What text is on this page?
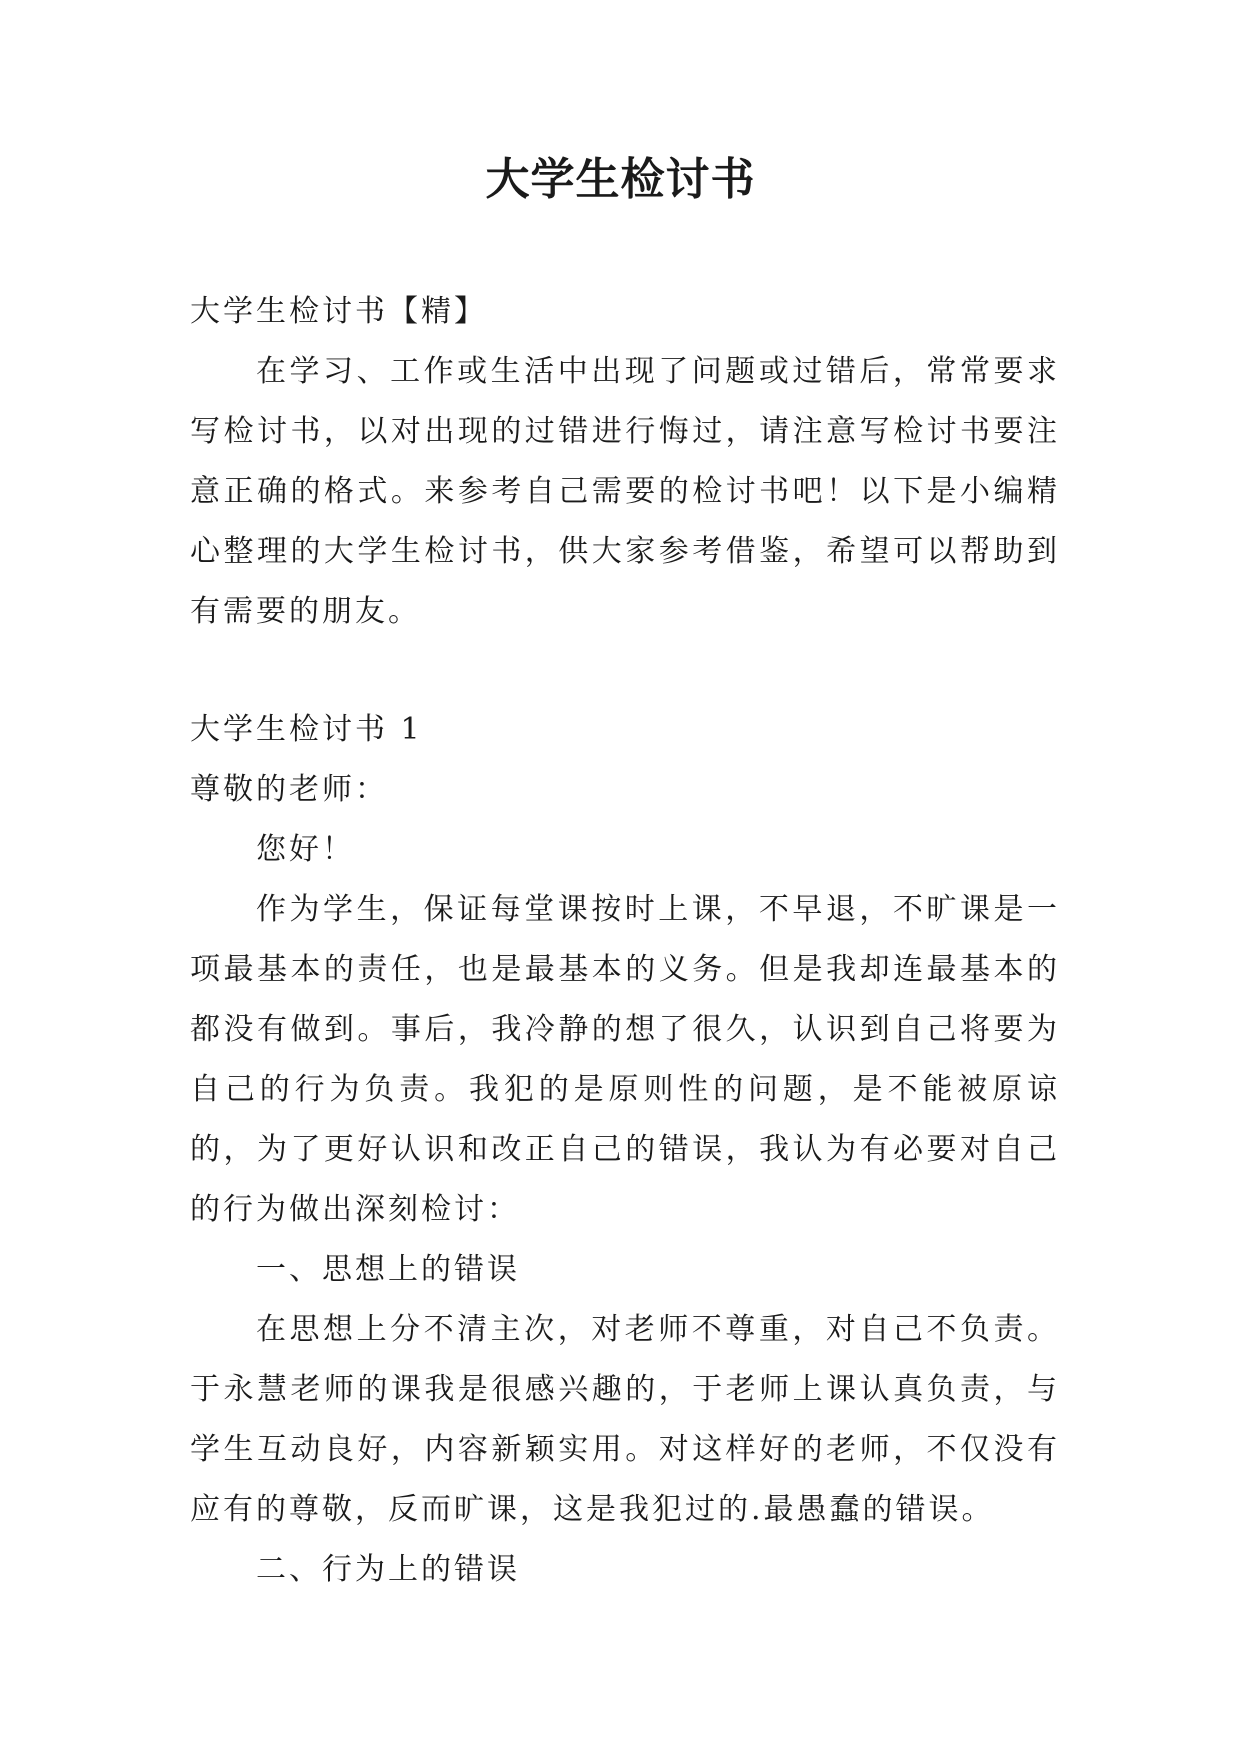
大学生检讨书

大学生检讨书【精】

在学习、工作或生活中出现了问题或过错后，常常要求写检讨书，以对出现的过错进行悔过，请注意写检讨书要注意正确的格式。来参考自己需要的检讨书吧！以下是小编精心整理的大学生检讨书，供大家参考借鉴，希望可以帮助到有需要的朋友。

大学生检讨书 1

尊敬的老师：

您好！

作为学生，保证每堂课按时上课，不早退，不旷课是一项最基本的责任，也是最基本的义务。但是我却连最基本的都没有做到。事后，我冷静的想了很久，认识到自己将要为自己的行为负责。我犯的是原则性的问题，是不能被原谅的，为了更好认识和改正自己的错误，我认为有必要对自己的行为做出深刻检讨：

一、思想上的错误

在思想上分不清主次，对老师不尊重，对自己不负责。于永慧老师的课我是很感兴趣的，于老师上课认真负责，与学生互动良好，内容新颖实用。对这样好的老师，不仅没有应有的尊敬，反而旷课，这是我犯过的.最愚蠢的错误。

二、行为上的错误
